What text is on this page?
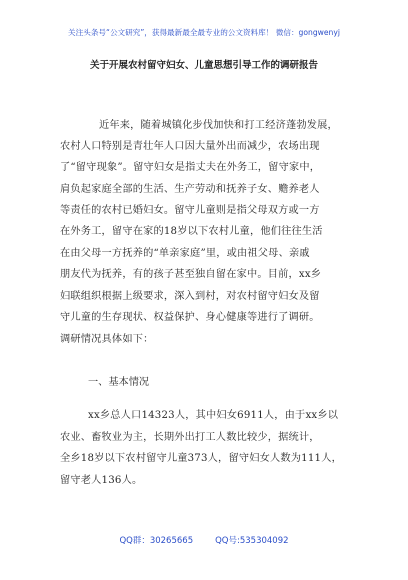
关注头条号“公文研究”，获得最新最全最专业的公文资料库！ 微信：gongwenyj
关于开展农村留守妇女、儿童思想引导工作的调研报告
近年来，随着城镇化步伐加快和打工经济蓬勃发展，
农村人口特别是青壮年人口因大量外出而减少，农场出现
了“留守现象”。留守妇女是指丈夫在外务工，留守家中，
肩负起家庭全部的生活、生产劳动和抚养子女、赡养老人
等责任的农村已婚妇女。留守儿童则是指父母双方或一方
在外务工，留守在家的18岁以下农村儿童，他们往往生活
在由父母一方抚养的“单亲家庭”里，或由祖父母、亲戚
朋友代为抚养，有的孩子甚至独自留在家中。目前，xx乡
妇联组织根据上级要求，深入到村，对农村留守妇女及留
守儿童的生存现状、权益保护、身心健康等进行了调研。
调研情况具体如下：
一、基本情况
xx乡总人口14323人，其中妇女6911人，由于xx乡以
农业、畜牧业为主，长期外出打工人数比较少，据统计，
全乡18岁以下农村留守儿童373人，留守妇女人数为111人，
留守老人136人。
QQ群：30265665	QQ号:535304092
